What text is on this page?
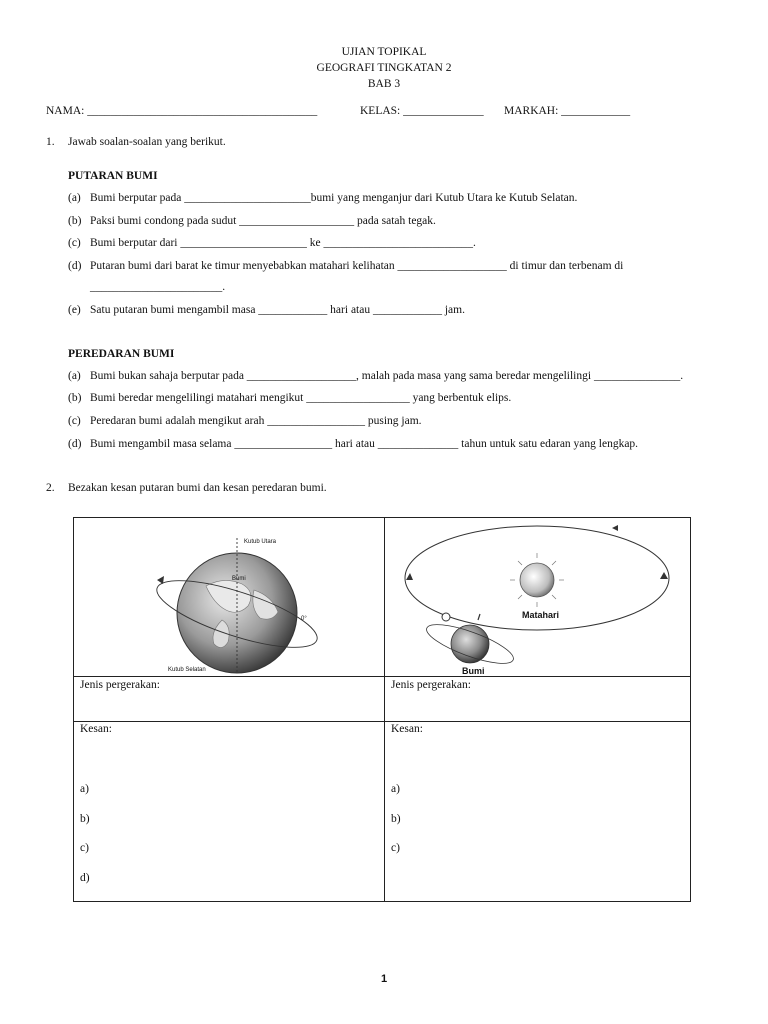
UJIAN TOPIKAL
GEOGRAFI TINGKATAN 2
BAB 3
NAMA: ________________________________________	KELAS: ______________ MARKAH: ____________
1. Jawab soalan-soalan yang berikut.
PUTARAN BUMI
(a) Bumi berputar pada ______________________bumi yang menganjur dari Kutub Utara ke Kutub Selatan.
(b) Paksi bumi condong pada sudut ____________________ pada satah tegak.
(c) Bumi berputar dari ______________________ ke __________________________.
(d) Putaran bumi dari barat ke timur menyebabkan matahari kelihatan ___________________ di timur dan terbenam di
_______________________.
(e) Satu putaran bumi mengambil masa ____________ hari atau ____________ jam.
PEREDARAN BUMI
(a) Bumi bukan sahaja berputar pada ___________________, malah pada masa yang sama beredar mengelilingi _______________.
(b) Bumi beredar mengelilingi matahari mengikut __________________ yang berbentuk elips.
(c) Peredaran bumi adalah mengikut arah _________________ pusing jam.
(d) Bumi mengambil masa selama _________________ hari atau ______________ tahun untuk satu edaran yang lengkap.
2. Bezakan kesan putaran bumi dan kesan peredaran bumi.
Kutub Utara
Bumi
Kutub Selatan
0°	Matahari
Bumi
Jenis pergerakan:
Kesan:
a)
b)
c)
d)
Jenis pergerakan:
Kesan:
a)
b)
c)
1
